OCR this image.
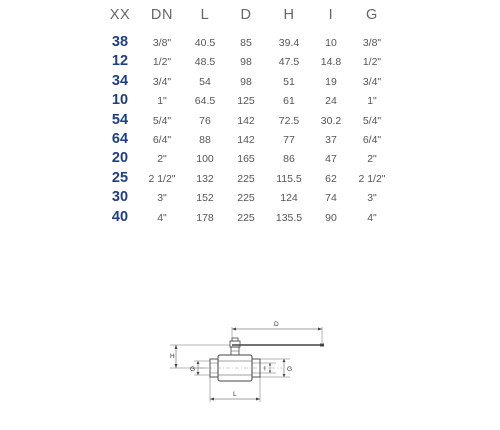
XX DN L D H I G
38 3/8" 40.5 85	39.4 10 3/8"
12 1/2" 48.5 98	47.5 14.8 1/2"
34 3/4"	54	98	51	19 3/4"
10	1"	64.5 125	61	24	1"
54 5/4"	76	142 72.5 30.2 5/4"
64 6/4"	88	142	77	37 6/4"
20	2"	100 165	86	47	2"
25 2 1/2" 132 225 115.5 62 2 1/2"
30	3"	152 225 124	74	3"
40	4"	178 225 135.5 90	4"
D
H
G	I	G
L
